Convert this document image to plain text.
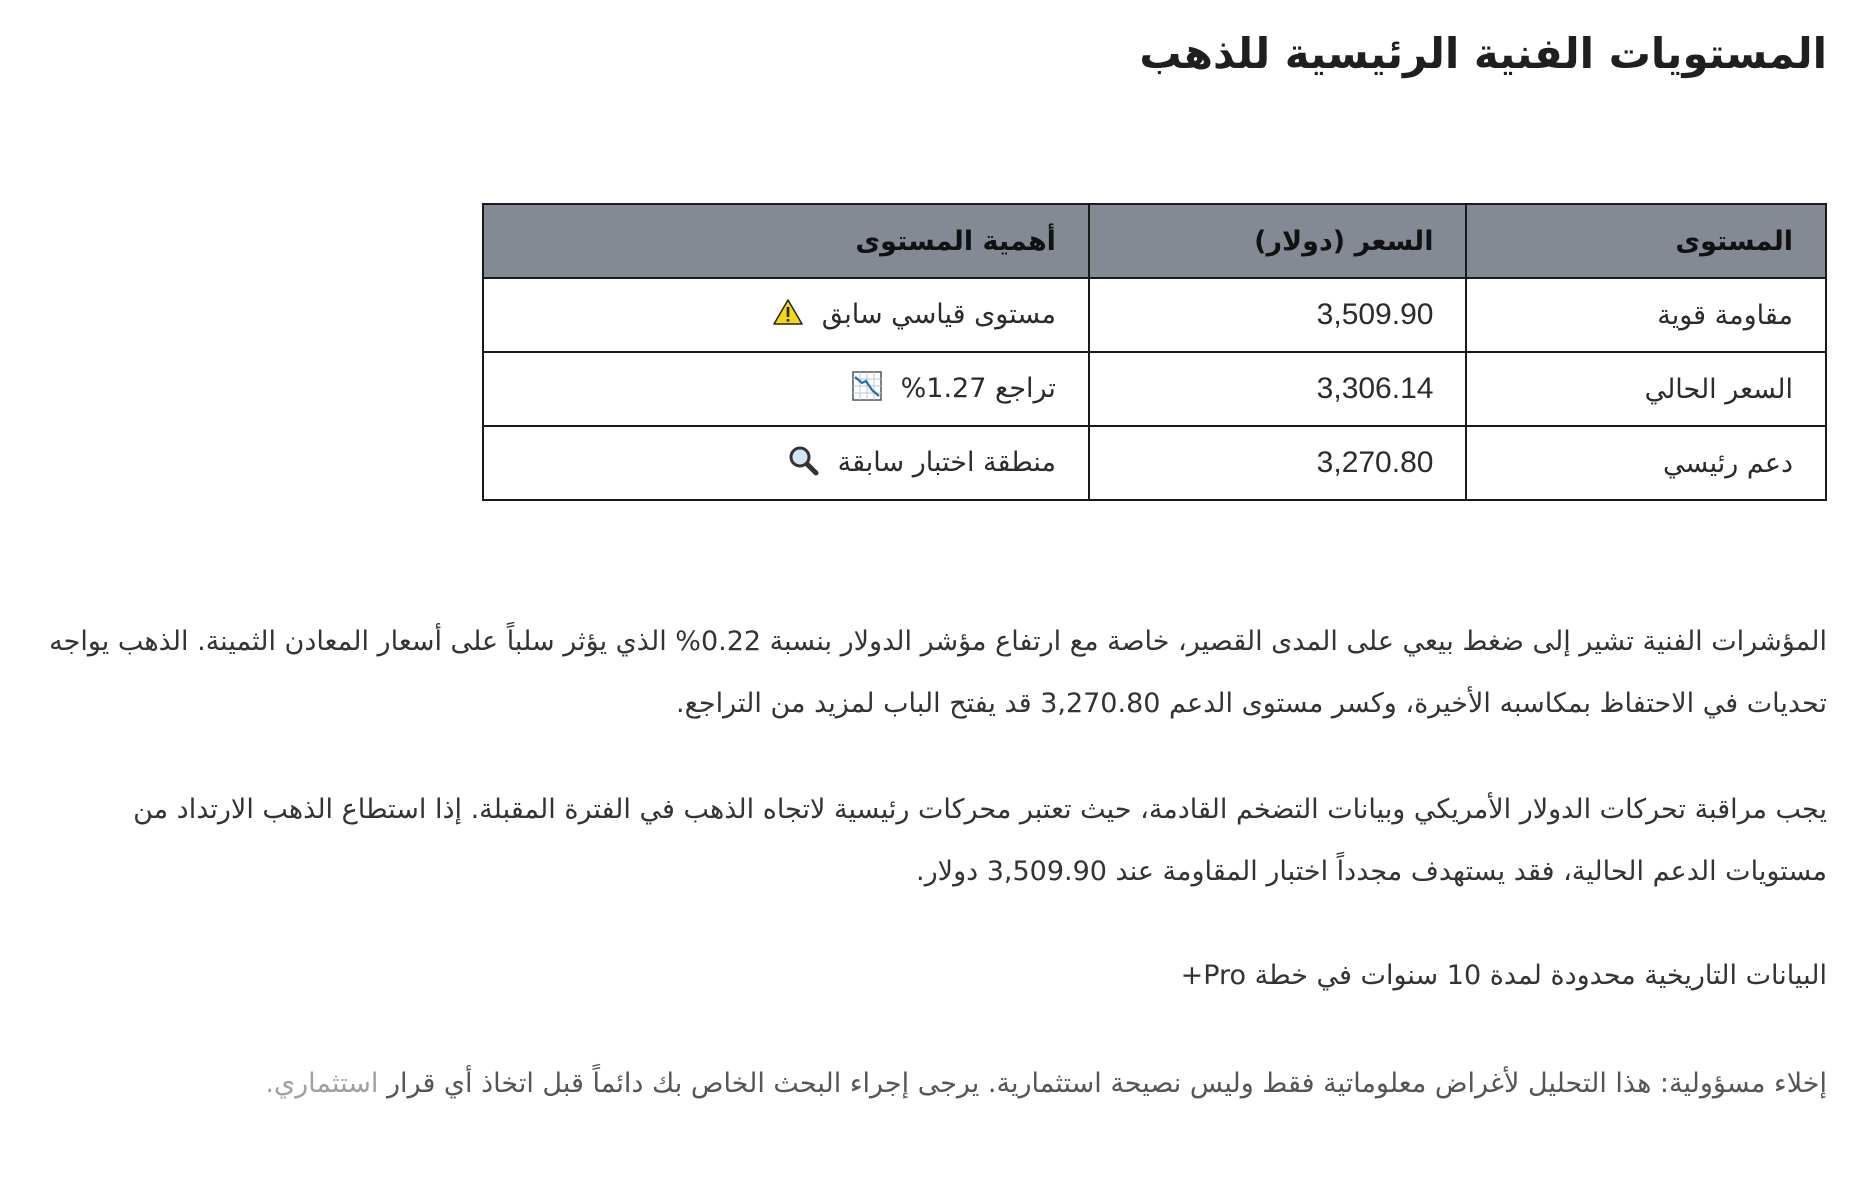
المستويات الفنية الرئيسية للذهب
المستوى	السعر (دولار)	أهمية المستوى
مقاومة قوية	3,509.90	مستوى قياسي سابق
السعر الحالي	3,306.14	تراجع 1.27%
دعم رئيسي	3,270.80	منطقة اختبار سابقة

المؤشرات الفنية تشير إلى ضغط بيعي على المدى القصير، خاصة مع ارتفاع مؤشر الدولار بنسبة 0.22% الذي يؤثر سلباً على أسعار المعادن الثمينة. الذهب يواجه تحديات في الاحتفاظ بمكاسبه الأخيرة، وكسر مستوى الدعم 3,270.80 قد يفتح الباب لمزيد من التراجع.

يجب مراقبة تحركات الدولار الأمريكي وبيانات التضخم القادمة، حيث تعتبر محركات رئيسية لاتجاه الذهب في الفترة المقبلة. إذا استطاع الذهب الارتداد من مستويات الدعم الحالية، فقد يستهدف مجدداً اختبار المقاومة عند 3,509.90 دولار.

البيانات التاريخية محدودة لمدة 10 سنوات في خطة Pro+

إخلاء مسؤولية: هذا التحليل لأغراض معلوماتية فقط وليس نصيحة استثمارية. يرجى إجراء البحث الخاص بك دائماً قبل اتخاذ أي قرار استثماري.
